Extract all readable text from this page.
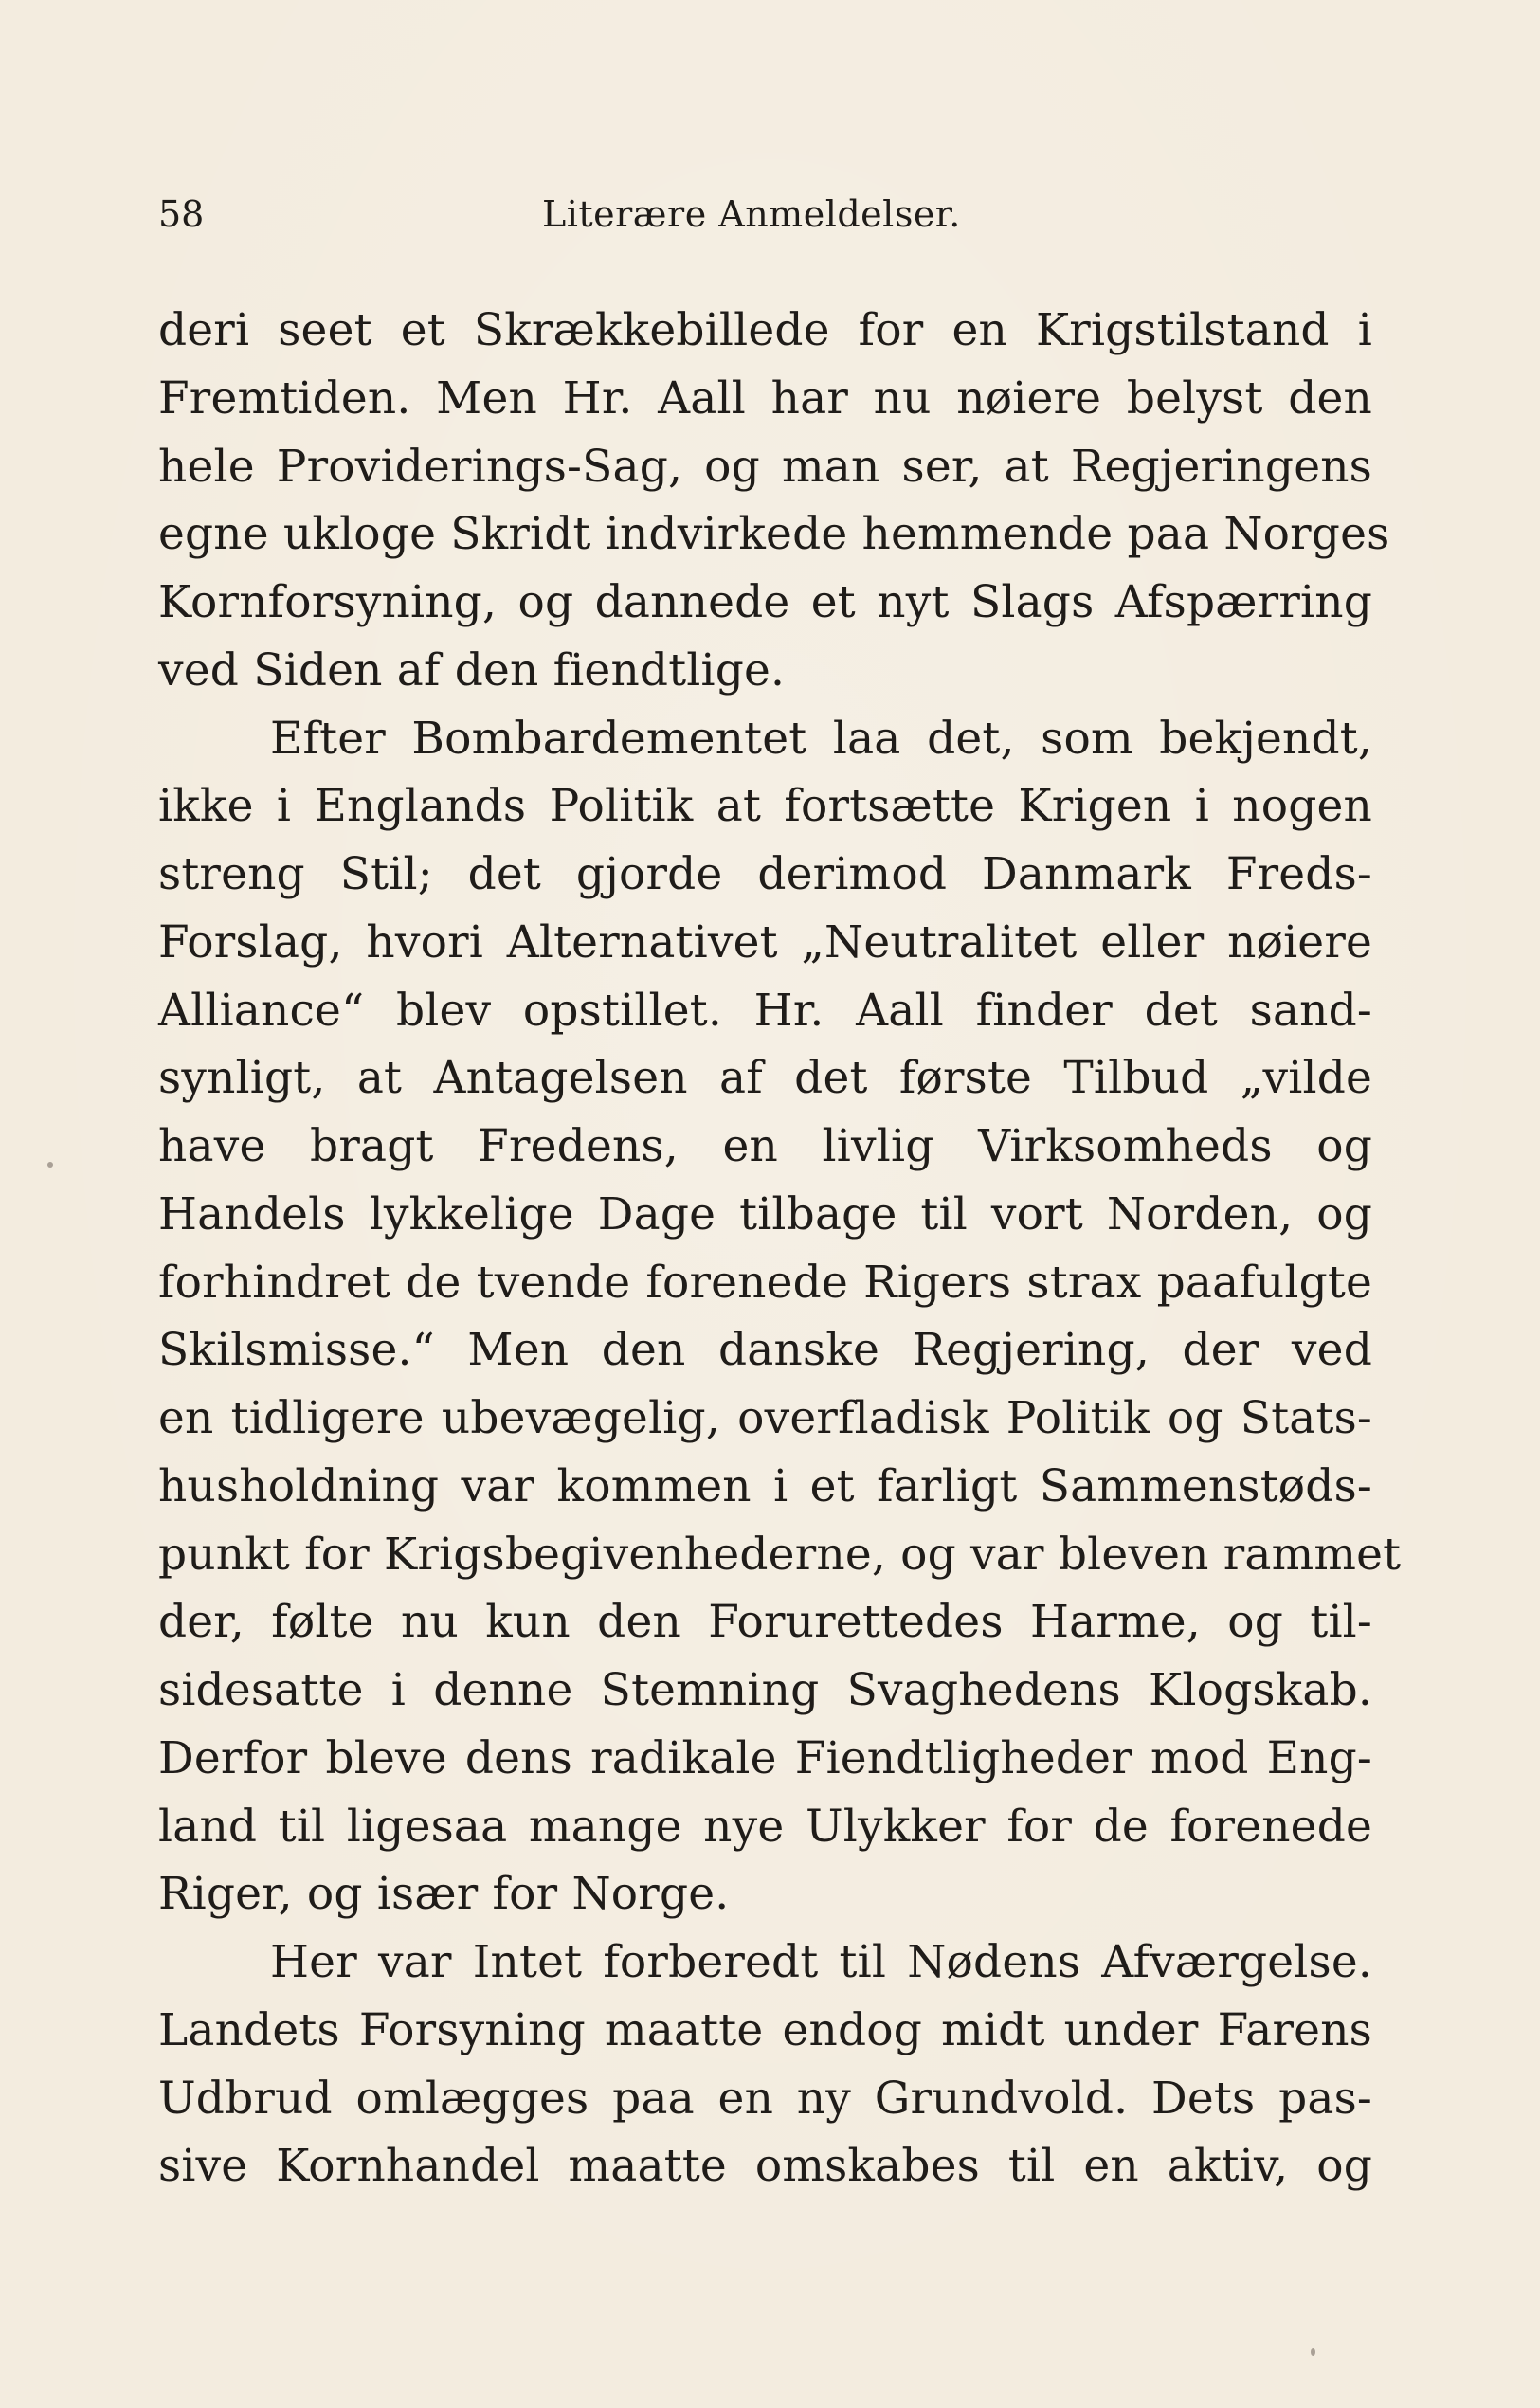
58	Literære Anmeldelser.
deri seet et Skrækkebillede for en Krigstilstand i
Fremtiden. Men Hr. Aall har nu nøiere belyst den
hele Providerings-Sag, og man ser, at Regjeringens
egne ukloge Skridt indvirkede hemmende paa Norges
Kornforsyning, og dannede et nyt Slags Afspærring
ved Siden af den fiendtlige.
Efter Bombardementet laa det, som bekjendt,
ikke i Englands Politik at fortsætte Krigen i nogen
streng Stil; det gjorde derimod Danmark Freds-
Forslag, hvori Alternativet „Neutralitet eller nøiere
Alliance“ blev opstillet. Hr. Aall finder det sand-
synligt, at Antagelsen af det første Tilbud „vilde
have bragt Fredens, en livlig Virksomheds og
Handels lykkelige Dage tilbage til vort Norden, og
forhindret de tvende forenede Rigers strax paafulgte
Skilsmisse.“ Men den danske Regjering, der ved
en tidligere ubevægelig, overfladisk Politik og Stats-
husholdning var kommen i et farligt Sammenstøds-
punkt for Krigsbegivenhederne, og var bleven rammet
der, følte nu kun den Forurettedes Harme, og til-
sidesatte i denne Stemning Svaghedens Klogskab.
Derfor bleve dens radikale Fiendtligheder mod Eng-
land til ligesaa mange nye Ulykker for de forenede
Riger, og især for Norge.
Her var Intet forberedt til Nødens Afværgelse.
Landets Forsyning maatte endog midt under Farens
Udbrud omlægges paa en ny Grundvold. Dets pas-
sive Kornhandel maatte omskabes til en aktiv, og
